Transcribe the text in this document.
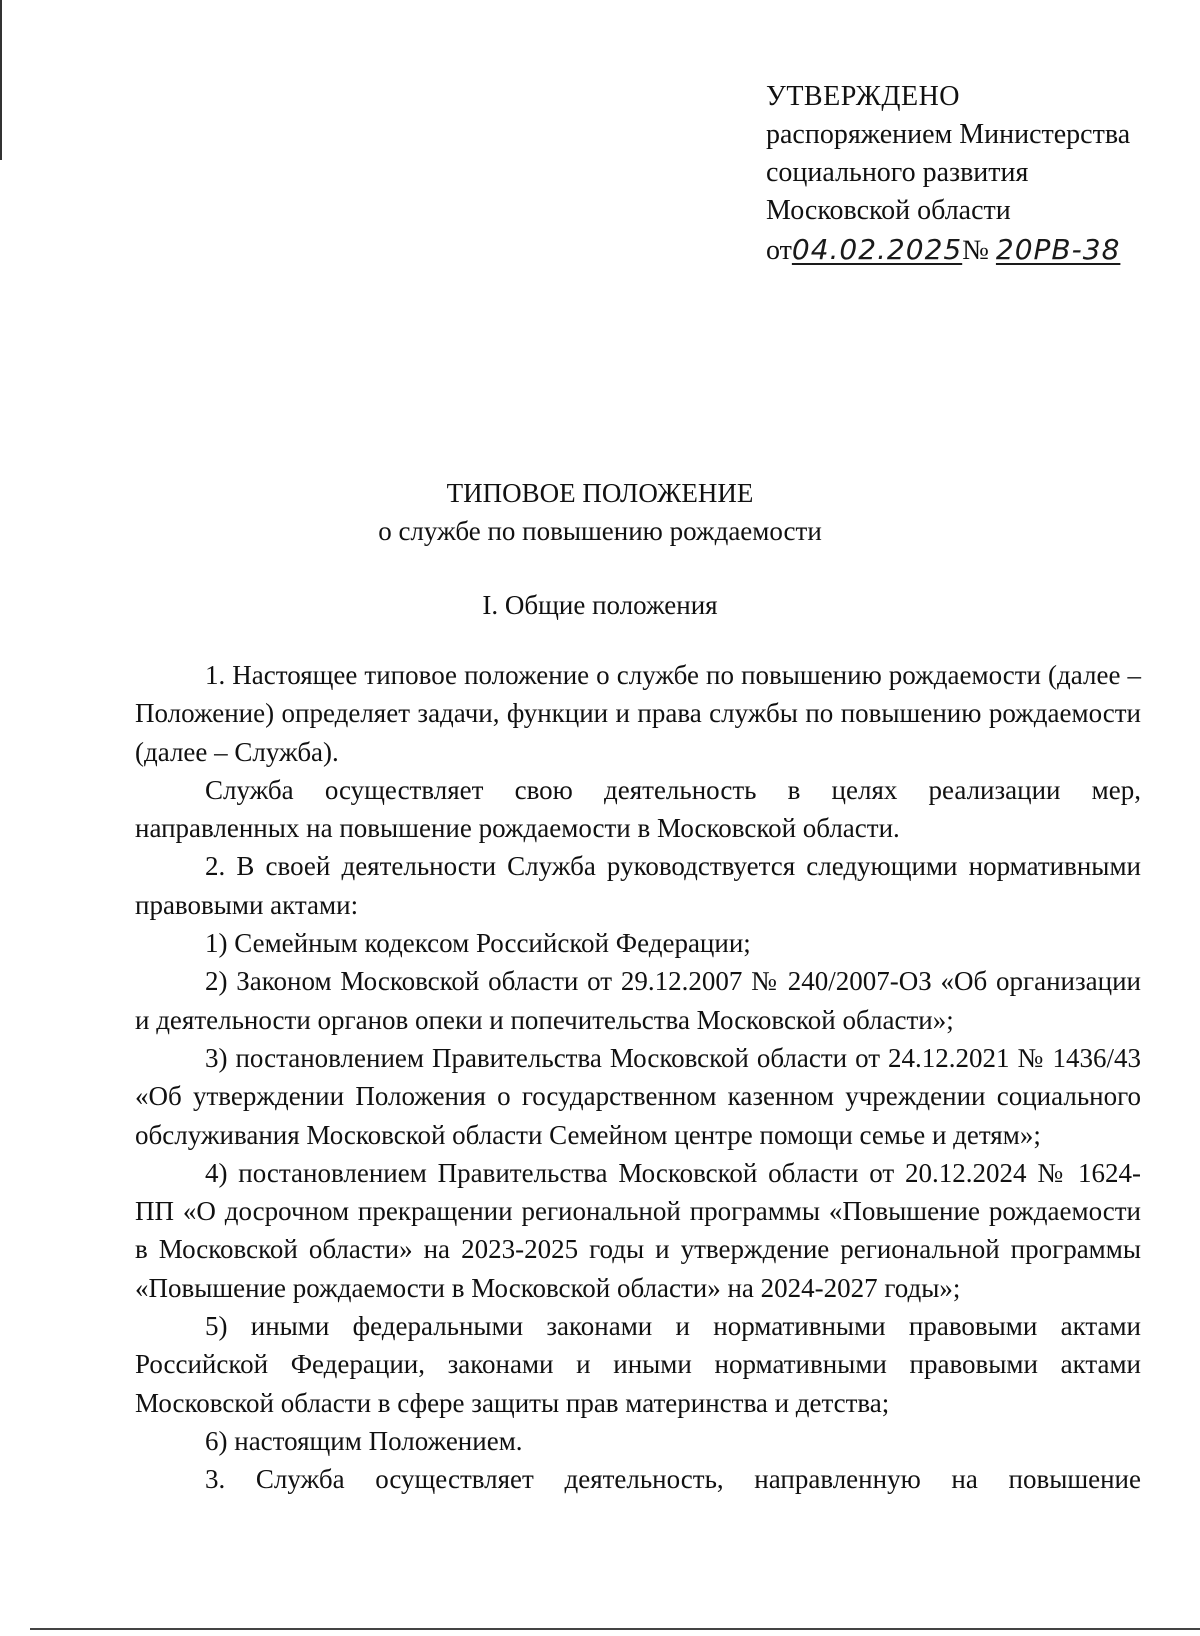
УТВЕРЖДЕНО
распоряжением Министерства
социального развития
Московской области
от04.02.2025№ 20РВ-38
ТИПОВОЕ ПОЛОЖЕНИЕ
о службе по повышению рождаемости
I. Общие положения

1. Настоящее типовое положение о службе по повышению рождаемости (далее – Положение) определяет задачи, функции и права службы по повышению рождаемости (далее – Служба).

Служба осуществляет свою деятельность в целях реализации мер, направленных на повышение рождаемости в Московской области.

2. В своей деятельности Служба руководствуется следующими нормативными правовыми актами:

1) Семейным кодексом Российской Федерации;

2) Законом Московской области от 29.12.2007 № 240/2007-ОЗ «Об организации и деятельности органов опеки и попечительства Московской области»;

3) постановлением Правительства Московской области от 24.12.2021 № 1436/43 «Об утверждении Положения о государственном казенном учреждении социального обслуживания Московской области Семейном центре помощи семье и детям»;

4) постановлением Правительства Московской области от 20.12.2024 № 1624-ПП «О досрочном прекращении региональной программы «Повышение рождаемости в Московской области» на 2023-2025 годы и утверждение региональной программы «Повышение рождаемости в Московской области» на 2024-2027 годы»;

5) иными федеральными законами и нормативными правовыми актами Российской Федерации, законами и иными нормативными правовыми актами Московской области в сфере защиты прав материнства и детства;

6) настоящим Положением.

3. Служба осуществляет деятельность, направленную на повышение
